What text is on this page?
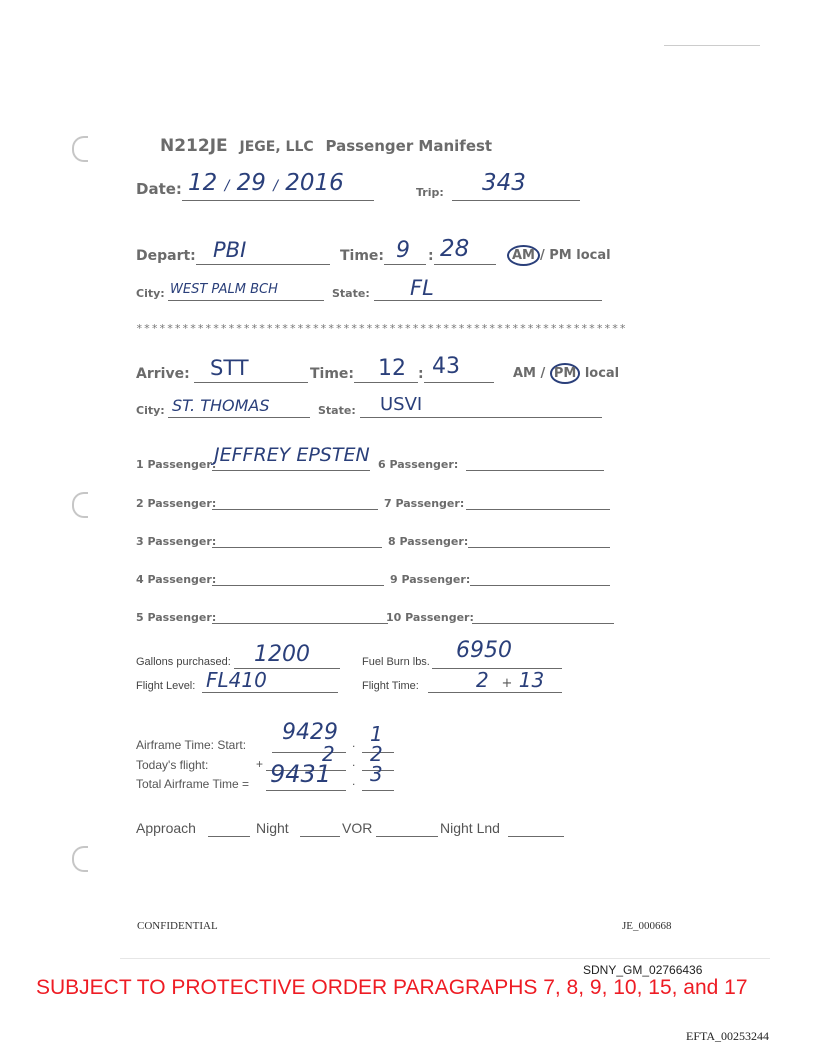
N212JE JEGE, LLC Passenger Manifest
Date: 12 / 29 / 2016	Trip: 343
Depart: PBI	Time: 9 : 28	AM / PM local
City: WEST PALM BCH	State: FL
****************************************************************
Arrive: STT	Time: 12 : 43	AM / PM local
City: ST. THOMAS	State: USVI
1 Passenger:
JEFFREY EPSTEN
2 Passenger:
3 Passenger:
4 Passenger:
5 Passenger:
6 Passenger:
7 Passenger:
8 Passenger:
9 Passenger:
10 Passenger:
Gallons purchased: 1200	Fuel Burn lbs. 6950
Flight Level: FL410	Flight Time:	2 + 13
Airframe Time: Start: 9429 . 1
Today's flight:	+	2 . 2
Total Airframe Time = 9431 . 3
Approach	Night	VOR	Night Lnd
CONFIDENTIAL	JE_000668
SDNY_GM_02766436
SUBJECT TO PROTECTIVE ORDER PARAGRAPHS 7, 8, 9, 10, 15, and 17
EFTA_00253244
